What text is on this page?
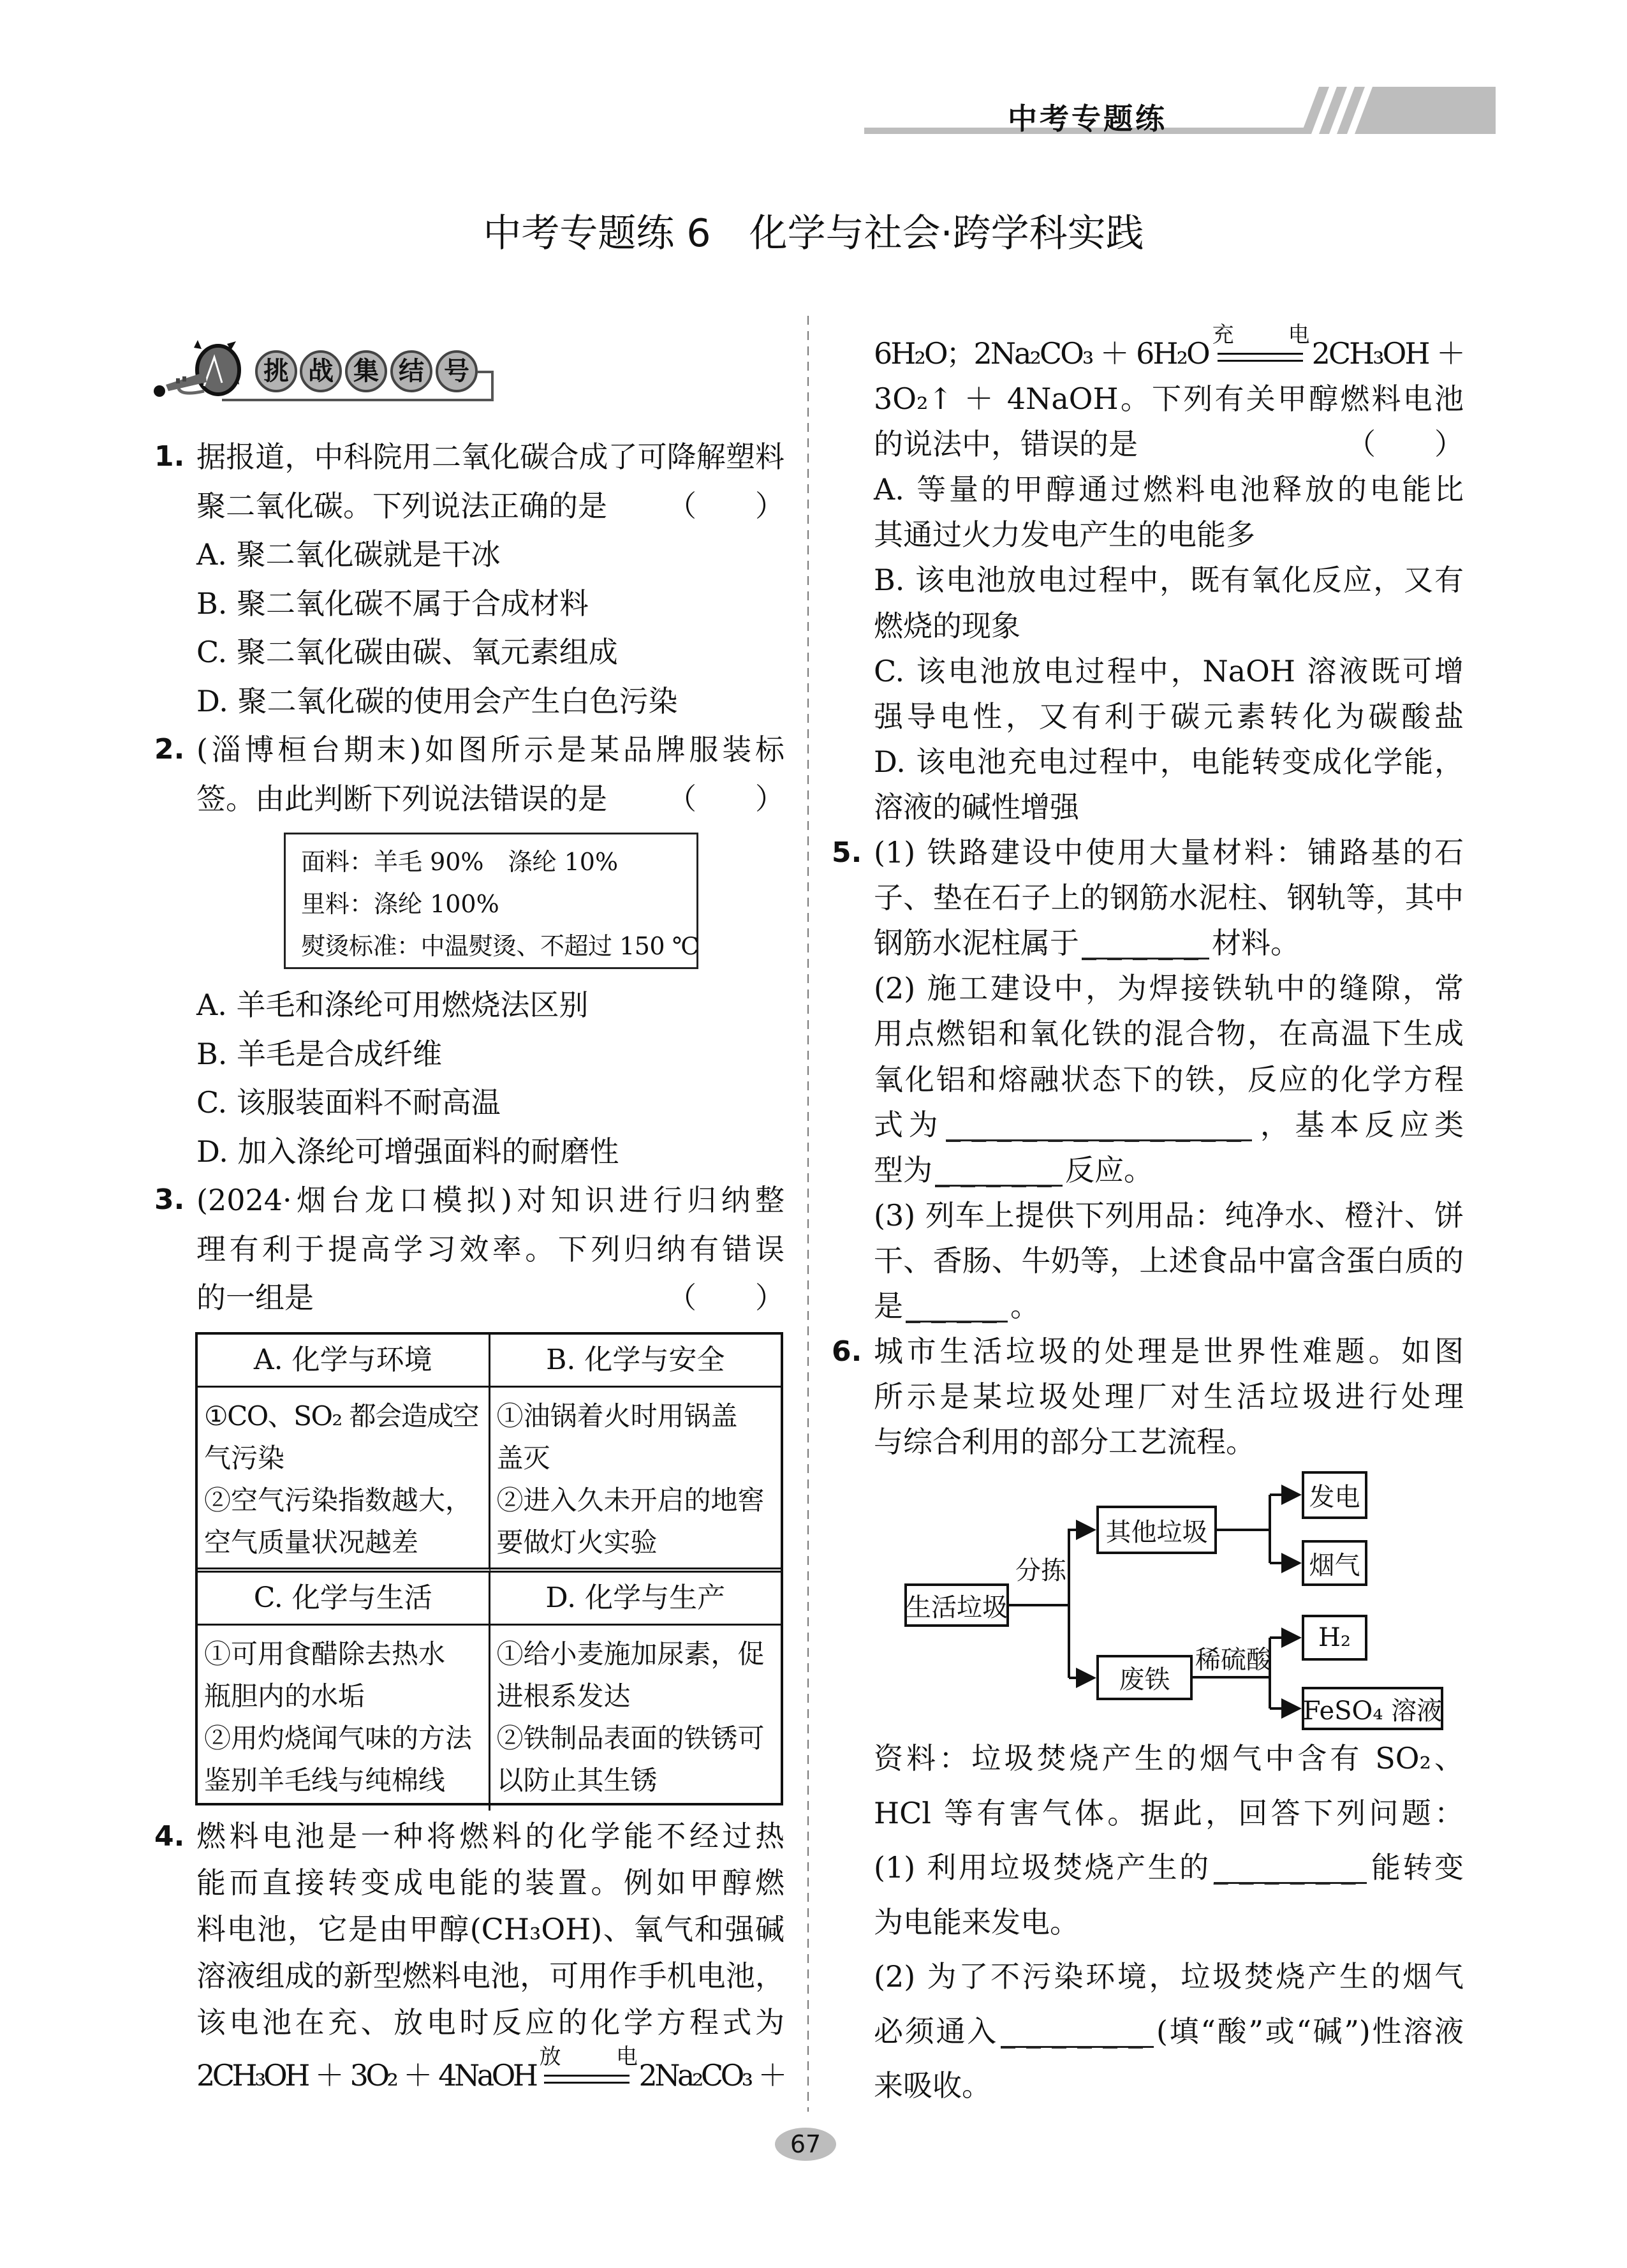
中考专题练
中考专题练 6　化学与社会·跨学科实践
挑 战 集 结 号
1. 据报道，中科院用二氧化碳合成了可降解塑料
（　　）
聚二氧化碳。下列说法正确的是
A. 聚二氧化碳就是干冰
B. 聚二氧化碳不属于合成材料
C. 聚二氧化碳由碳、氧元素组成
D. 聚二氧化碳的使用会产生白色污染
2. (淄博桓台期末)如图所示是某品牌服装标
（　　）
签。由此判断下列说法错误的是
面料：羊毛 90%　涤纶 10%
里料：涤纶 100%
熨烫标准：中温熨烫、不超过 150 ℃
A. 羊毛和涤纶可用燃烧法区别
B. 羊毛是合成纤维
C. 该服装面料不耐高温
D. 加入涤纶可增强面料的耐磨性
3. (2024·烟台龙口模拟)对知识进行归纳整
理有利于提高学习效率。下列归纳有错误
（　　）
的一组是
A. 化学与环境	B. 化学与安全
①CO、SO₂ 都会造成空
气污染
②空气污染指数越大，
空气质量状况越差
①油锅着火时用锅盖
盖灭
②进入久未开启的地窖
要做灯火实验
C. 化学与生活	D. 化学与生产
①可用食醋除去热水
瓶胆内的水垢
②用灼烧闻气味的方法
鉴别羊毛线与纯棉线
①给小麦施加尿素，促
进根系发达
②铁制品表面的铁锈可
以防止其生锈
4. 燃料电池是一种将燃料的化学能不经过热
能而直接转变成电能的装置。例如甲醇燃
料电池，它是由甲醇(CH₃OH)、氧气和强碱
溶液组成的新型燃料电池，可用作手机电池，
该电池在充、放电时反应的化学方程式为
2CH₃OH ＋ 3O₂ ＋ 4NaOH
放电
2Na₂CO₃ ＋
6H₂O；2Na₂CO₃ ＋ 6H₂O
充电
2CH₃OH ＋
3O₂↑ ＋ 4NaOH。下列有关甲醇燃料电池
（　　）
的说法中，错误的是
A. 等量的甲醇通过燃料电池释放的电能比
其通过火力发电产生的电能多
B. 该电池放电过程中，既有氧化反应，又有
燃烧的现象
C. 该电池放电过程中，NaOH 溶液既可增
强导电性，又有利于碳元素转化为碳酸盐
D. 该电池充电过程中，电能转变成化学能，
溶液的碱性增强
5. (1) 铁路建设中使用大量材料：铺路基的石
子、垫在石子上的钢筋水泥柱、钢轨等，其中
钢筋水泥柱属于_____材料。
(2) 施工建设中，为焊接铁轨中的缝隙，常
用点燃铝和氧化铁的混合物，在高温下生成
氧化铝和熔融状态下的铁，反应的化学方程
式为____________，基本反应类
型为_____反应。
(3) 列车上提供下列用品：纯净水、橙汁、饼
干、香肠、牛奶等，上述食品中富含蛋白质的
是____。
6. 城市生活垃圾的处理是世界性难题。如图
所示是某垃圾处理厂对生活垃圾进行处理
与综合利用的部分工艺流程。
生活垃圾
分拣
其他垃圾
废铁
稀硫酸
发电
烟气
H₂
FeSO₄ 溶液
资料：垃圾焚烧产生的烟气中含有 SO₂、
HCl 等有害气体。据此，回答下列问题：
(1) 利用垃圾焚烧产生的______能转变
为电能来发电。
(2) 为了不污染环境，垃圾焚烧产生的烟气
必须通入______(填“酸”或“碱”)性溶液
来吸收。
67
